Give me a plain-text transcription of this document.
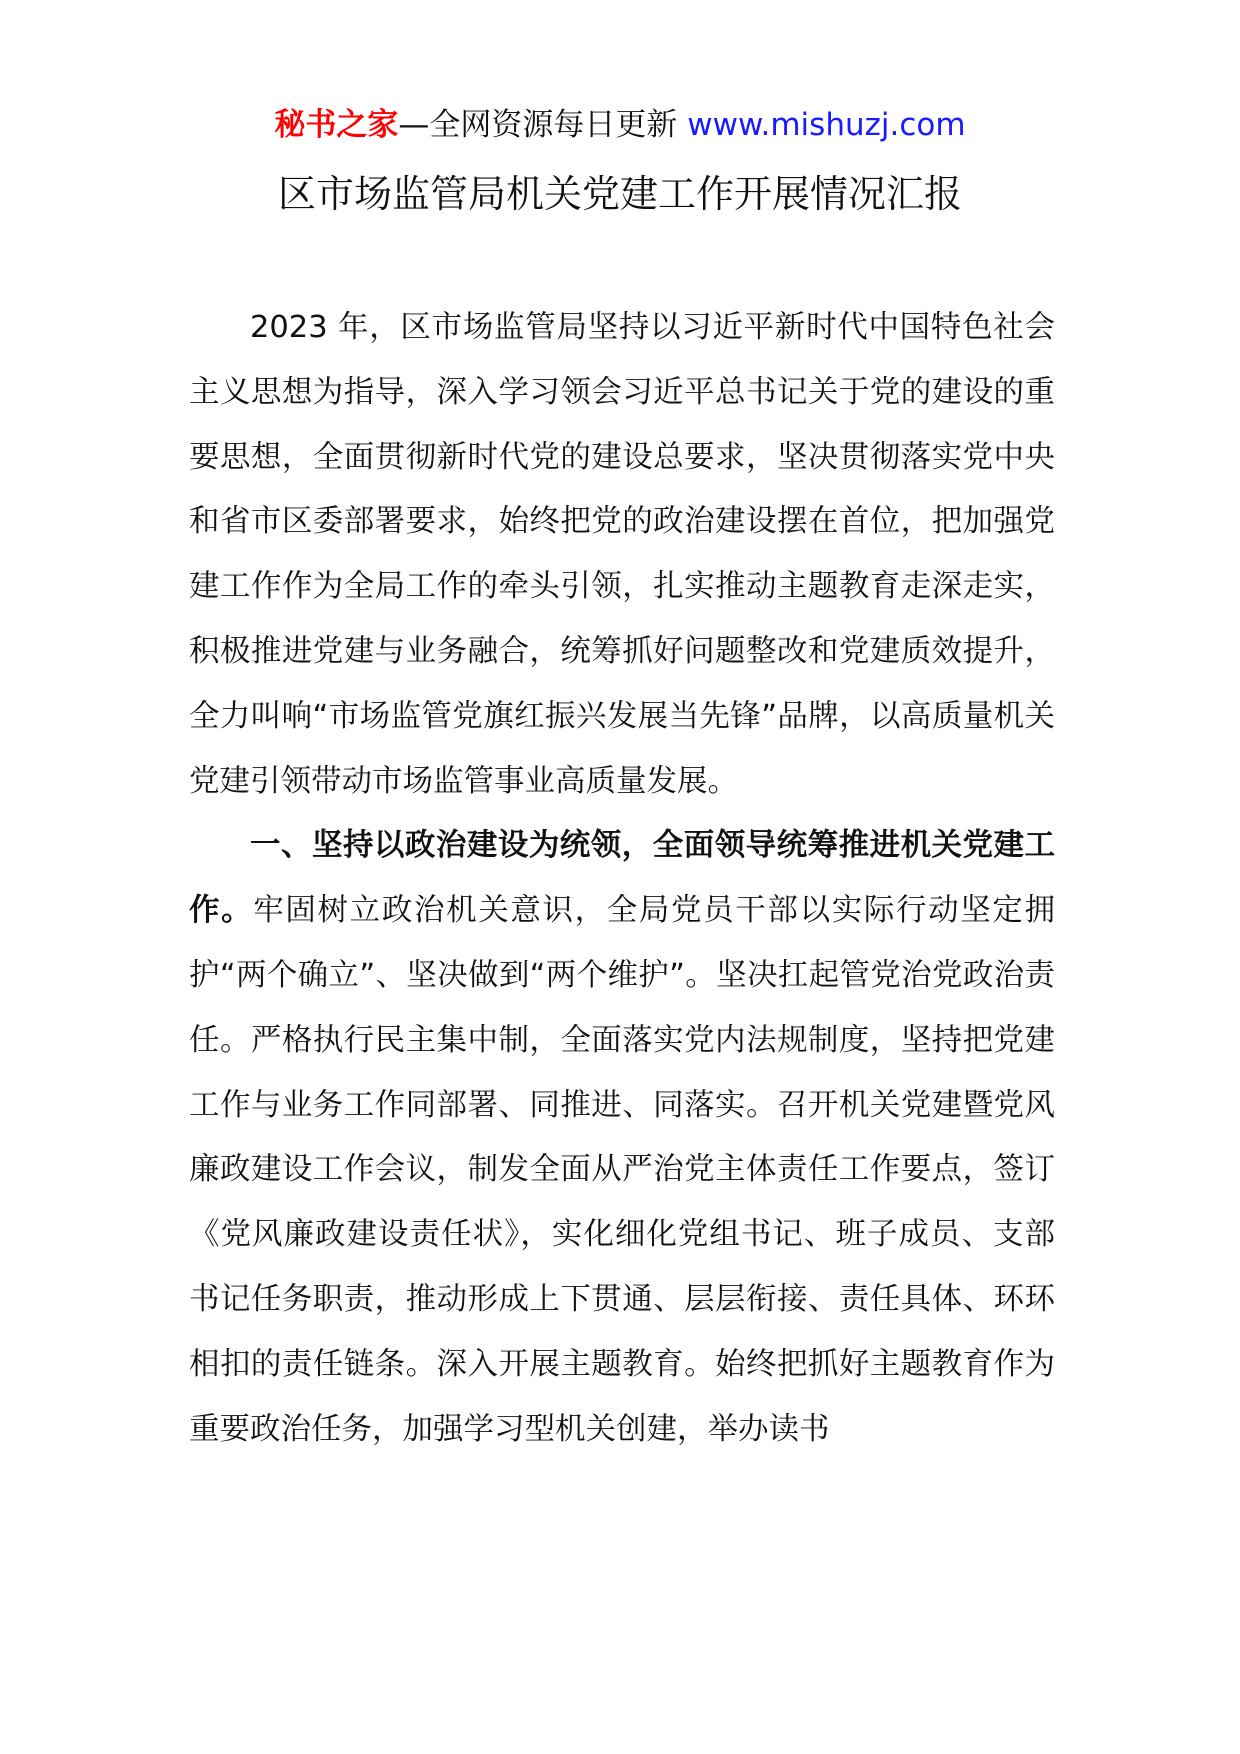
秘书之家—全网资源每日更新 www.mishuzj.com
区市场监管局机关党建工作开展情况汇报

2023 年，区市场监管局坚持以习近平新时代中国特色社会主义思想为指导，深入学习领会习近平总书记关于党的建设的重要思想，全面贯彻新时代党的建设总要求，坚决贯彻落实党中央和省市区委部署要求，始终把党的政治建设摆在首位，把加强党建工作作为全局工作的牵头引领，扎实推动主题教育走深走实，积极推进党建与业务融合，统筹抓好问题整改和党建质效提升，全力叫响“市场监管党旗红振兴发展当先锋”品牌，以高质量机关党建引领带动市场监管事业高质量发展。

一、坚持以政治建设为统领，全面领导统筹推进机关党建工作。牢固树立政治机关意识，全局党员干部以实际行动坚定拥护“两个确立”、坚决做到“两个维护”。坚决扛起管党治党政治责任。严格执行民主集中制，全面落实党内法规制度，坚持把党建工作与业务工作同部署、同推进、同落实。召开机关党建暨党风廉政建设工作会议，制发全面从严治党主体责任工作要点，签订《党风廉政建设责任状》，实化细化党组书记、班子成员、支部书记任务职责，推动形成上下贯通、层层衔接、责任具体、环环相扣的责任链条。深入开展主题教育。始终把抓好主题教育作为重要政治任务，加强学习型机关创建，举办读书
